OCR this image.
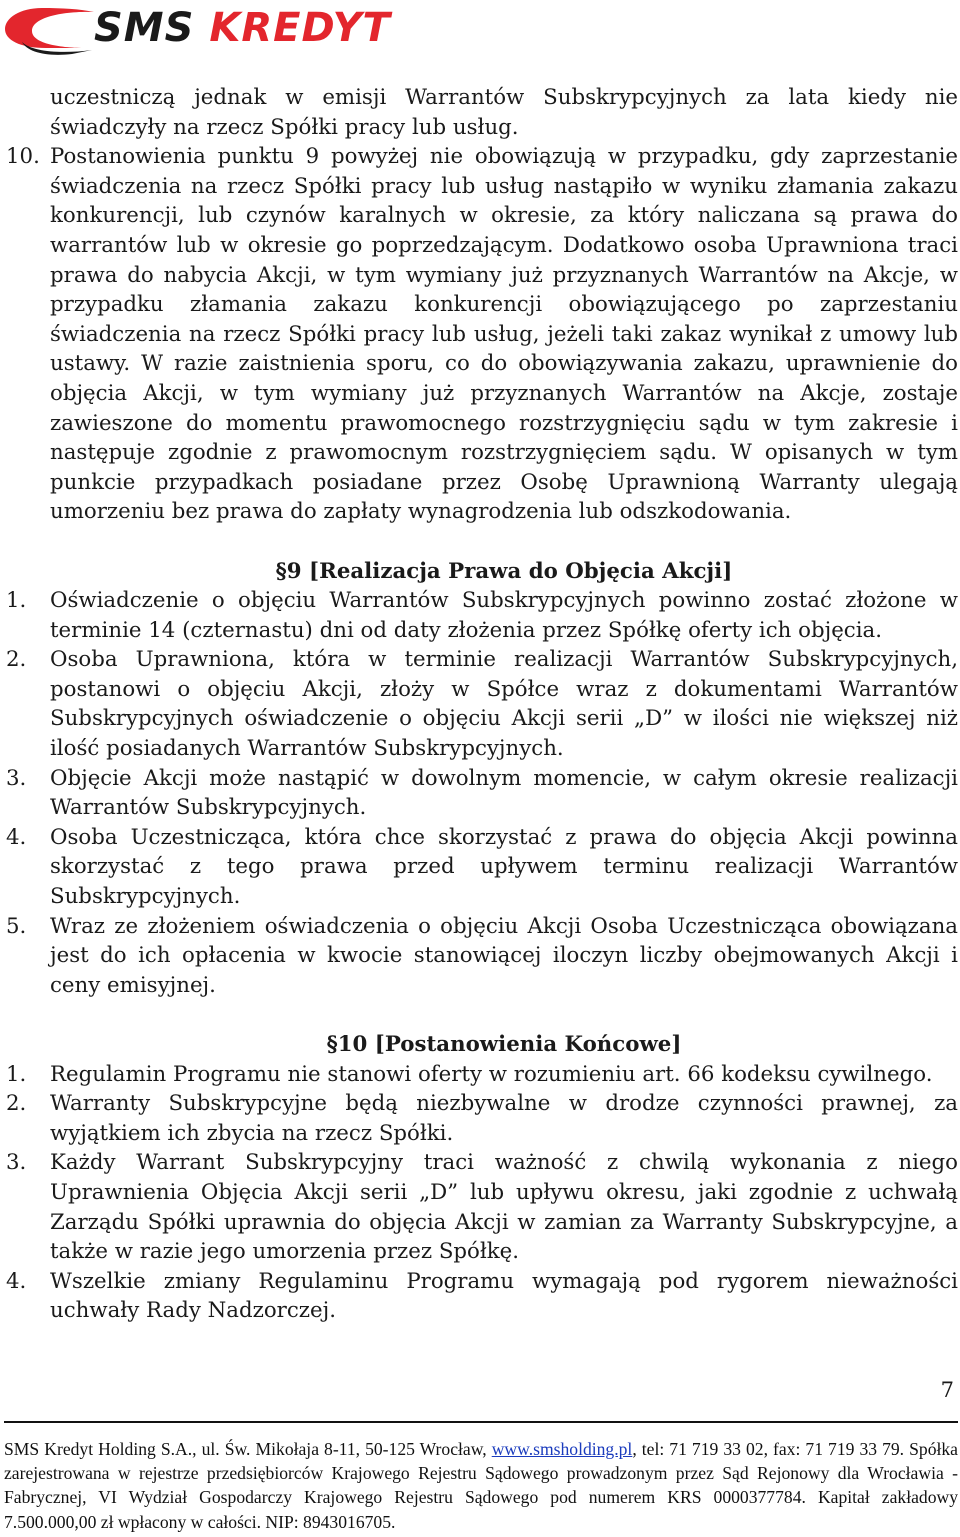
SMS KREDYT
uczestniczą jednak w emisji Warrantów Subskrypcyjnych za lata kiedy nie świadczyły na rzecz Spółki pracy lub usług.
10. Postanowienia punktu 9 powyżej nie obowiązują w przypadku, gdy zaprzestanie świadczenia na rzecz Spółki pracy lub usług nastąpiło w wyniku złamania zakazu konkurencji, lub czynów karalnych w okresie, za który naliczana są prawa do warrantów lub w okresie go poprzedzającym. Dodatkowo osoba Uprawniona traci prawa do nabycia Akcji, w tym wymiany już przyznanych Warrantów na Akcje, w przypadku złamania zakazu konkurencji obowiązującego po zaprzestaniu świadczenia na rzecz Spółki pracy lub usług, jeżeli taki zakaz wynikał z umowy lub ustawy. W razie zaistnienia sporu, co do obowiązywania zakazu, uprawnienie do objęcia Akcji, w tym wymiany już przyznanych Warrantów na Akcje, zostaje zawieszone do momentu prawomocnego rozstrzygnięciu sądu w tym zakresie i następuje zgodnie z prawomocnym rozstrzygnięciem sądu. W opisanych w tym punkcie przypadkach posiadane przez Osobę Uprawnioną Warranty ulegają umorzeniu bez prawa do zapłaty wynagrodzenia lub odszkodowania.
§9 [Realizacja Prawa do Objęcia Akcji]
1.	Oświadczenie o objęciu Warrantów Subskrypcyjnych powinno zostać złożone w terminie 14 (czternastu) dni od daty złożenia przez Spółkę oferty ich objęcia.
2.	Osoba Uprawniona, która w terminie realizacji Warrantów Subskrypcyjnych, postanowi o objęciu Akcji, złoży w Spółce wraz z dokumentami Warrantów Subskrypcyjnych oświadczenie o objęciu Akcji serii „D” w ilości nie większej niż ilość posiadanych Warrantów Subskrypcyjnych.
3.	Objęcie Akcji może nastąpić w dowolnym momencie, w całym okresie realizacji Warrantów Subskrypcyjnych.
4.	Osoba Uczestnicząca, która chce skorzystać z prawa do objęcia Akcji powinna skorzystać z tego prawa przed upływem terminu realizacji Warrantów Subskrypcyjnych.
5.	Wraz ze złożeniem oświadczenia o objęciu Akcji Osoba Uczestnicząca obowiązana jest do ich opłacenia w kwocie stanowiącej iloczyn liczby obejmowanych Akcji i ceny emisyjnej.
§10 [Postanowienia Końcowe]
1.	Regulamin Programu nie stanowi oferty w rozumieniu art. 66 kodeksu cywilnego.
2.	Warranty Subskrypcyjne będą niezbywalne w drodze czynności prawnej, za wyjątkiem ich zbycia na rzecz Spółki.
3.	Każdy Warrant Subskrypcyjny traci ważność z chwilą wykonania z niego Uprawnienia Objęcia Akcji serii „D” lub upływu okresu, jaki zgodnie z uchwałą Zarządu Spółki uprawnia do objęcia Akcji w zamian za Warranty Subskrypcyjne, a także w razie jego umorzenia przez Spółkę.
4.	Wszelkie zmiany Regulaminu Programu wymagają pod rygorem nieważności uchwały Rady Nadzorczej.
7
SMS Kredyt Holding S.A., ul. Św. Mikołaja 8-11, 50-125 Wrocław, www.smsholding.pl, tel: 71 719 33 02, fax: 71 719 33 79. Spółka zarejestrowana w rejestrze przedsiębiorców Krajowego Rejestru Sądowego prowadzonym przez Sąd Rejonowy dla Wrocławia - Fabrycznej, VI Wydział Gospodarczy Krajowego Rejestru Sądowego pod numerem KRS 0000377784. Kapitał zakładowy 7.500.000,00 zł wpłacony w całości. NIP: 8943016705.
